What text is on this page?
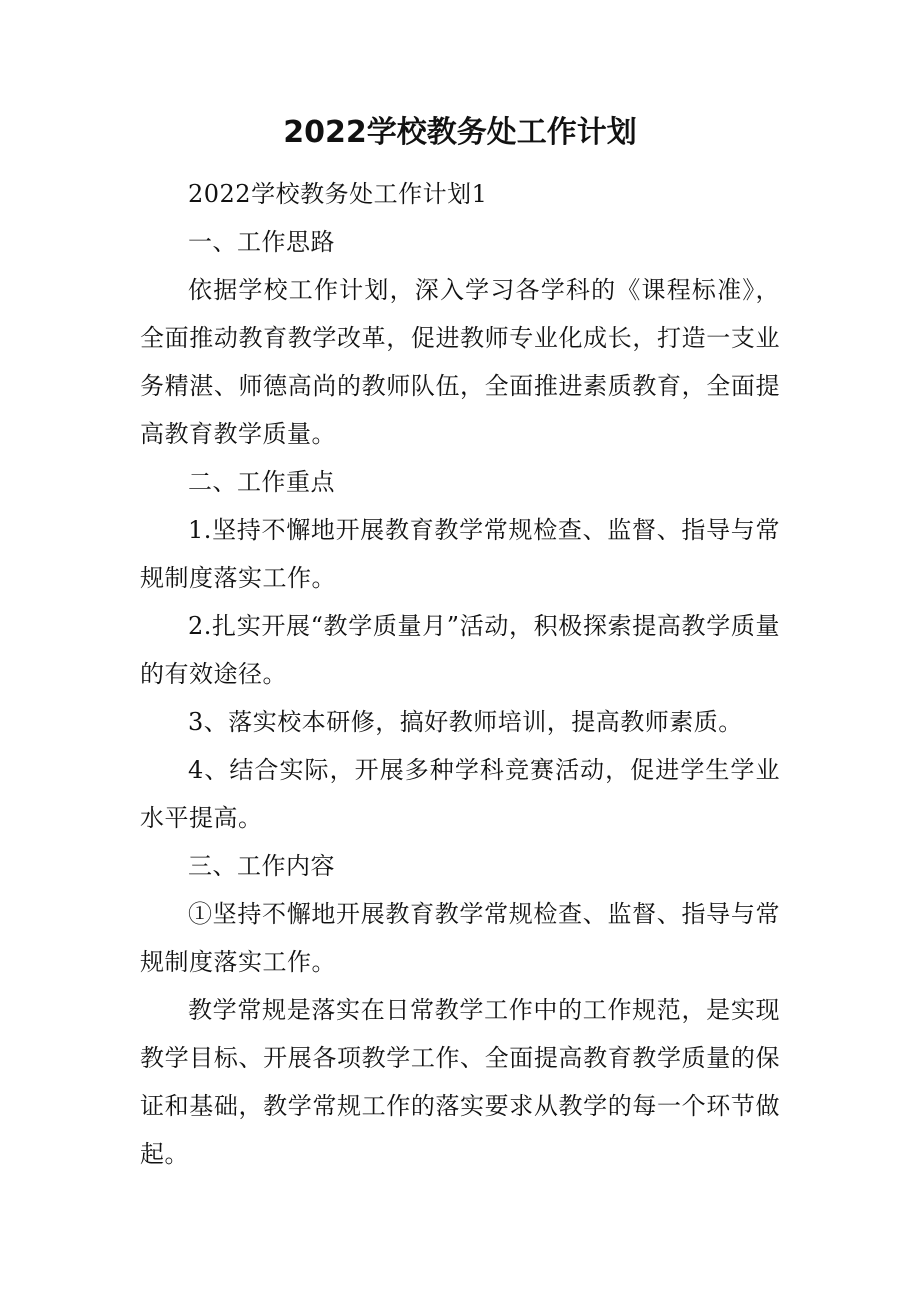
2022学校教务处工作计划

2022学校教务处工作计划1

一、工作思路

依据学校工作计划，深入学习各学科的《课程标准》，全面推动教育教学改革，促进教师专业化成长，打造一支业务精湛、师德高尚的教师队伍，全面推进素质教育，全面提高教育教学质量。

二、工作重点

1.坚持不懈地开展教育教学常规检查、监督、指导与常规制度落实工作。

2.扎实开展“教学质量月”活动，积极探索提高教学质量的有效途径。

3、落实校本研修，搞好教师培训，提高教师素质。

4、结合实际，开展多种学科竞赛活动，促进学生学业水平提高。

三、工作内容

①坚持不懈地开展教育教学常规检查、监督、指导与常规制度落实工作。

教学常规是落实在日常教学工作中的工作规范，是实现教学目标、开展各项教学工作、全面提高教育教学质量的保证和基础，教学常规工作的落实要求从教学的每一个环节做起。
